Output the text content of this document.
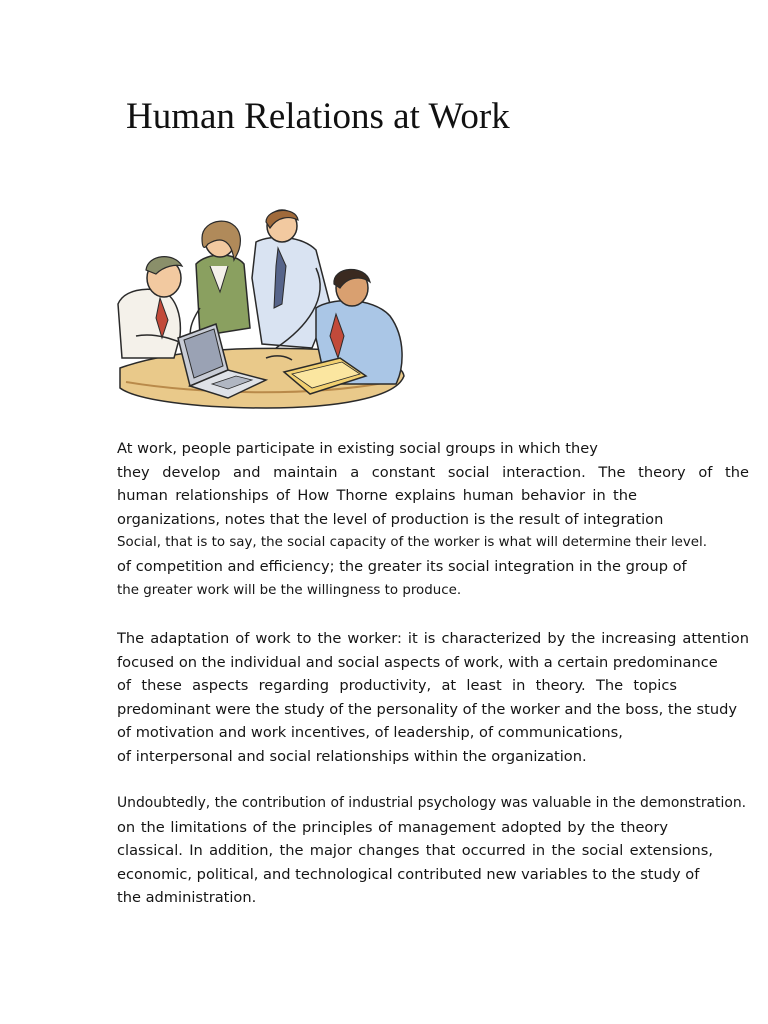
Human Relations at Work
At work, people participate in existing social groups in which they
they develop and maintain a constant social interaction. The theory of the
human relationships of How Thorne explains human behavior in the
organizations, notes that the level of production is the result of integration
Social, that is to say, the social capacity of the worker is what will determine their level.
of competition and efficiency; the greater its social integration in the group of
the greater work will be the willingness to produce.
The adaptation of work to the worker: it is characterized by the increasing attention
focused on the individual and social aspects of work, with a certain predominance
of these aspects regarding productivity, at least in theory. The topics
predominant were the study of the personality of the worker and the boss, the study
of motivation and work incentives, of leadership, of communications,
of interpersonal and social relationships within the organization.
Undoubtedly, the contribution of industrial psychology was valuable in the demonstration.
on the limitations of the principles of management adopted by the theory
classical. In addition, the major changes that occurred in the social extensions,
economic, political, and technological contributed new variables to the study of
the administration.
